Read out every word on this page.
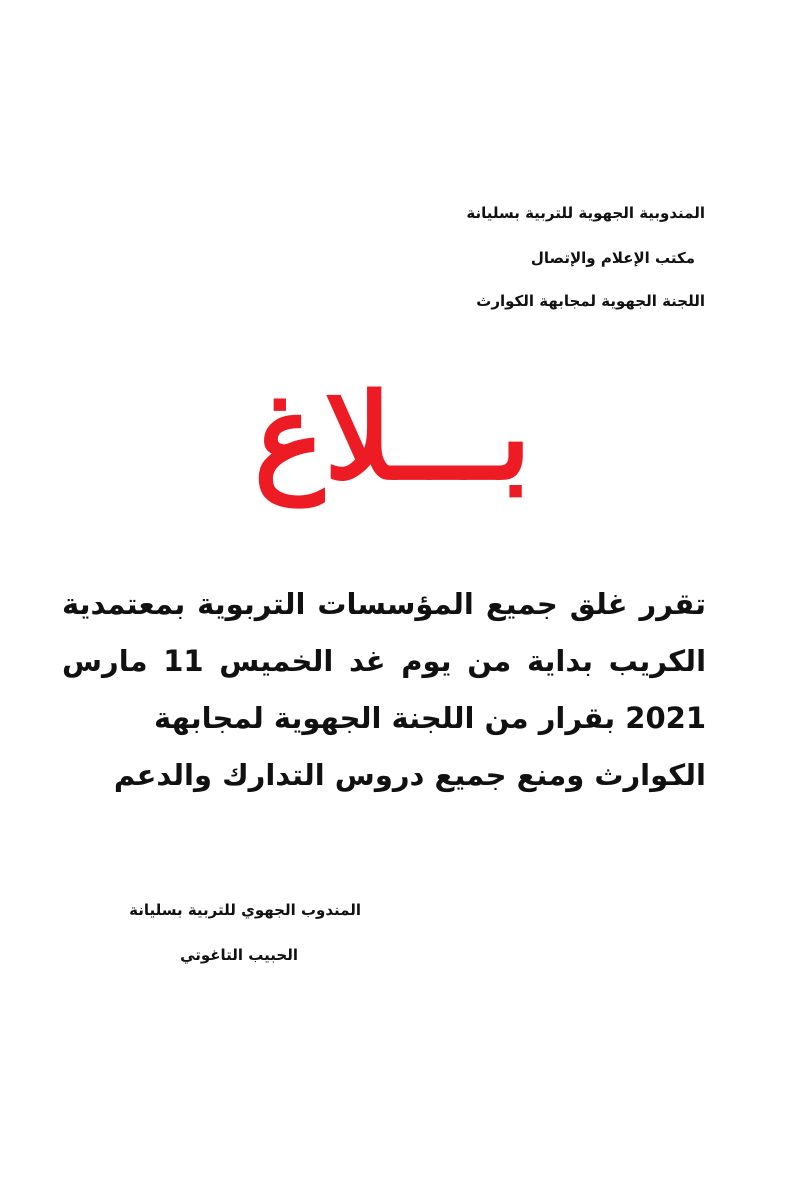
المندوبية الجهوية للتربية بسليانة
مكتب الإعلام والإتصال
اللجنة الجهوية لمجابهة الكوارث
بـــلاغ
تقرر غلق جميع المؤسسات التربوية بمعتمدية
الكريب بداية من يوم غد الخميس 11 مارس
2021 بقرار من اللجنة الجهوية لمجابهة
الكوارث ومنع جميع دروس التدارك والدعم
المندوب الجهوي للتربية بسليانة
الحبيب التاغوتي
